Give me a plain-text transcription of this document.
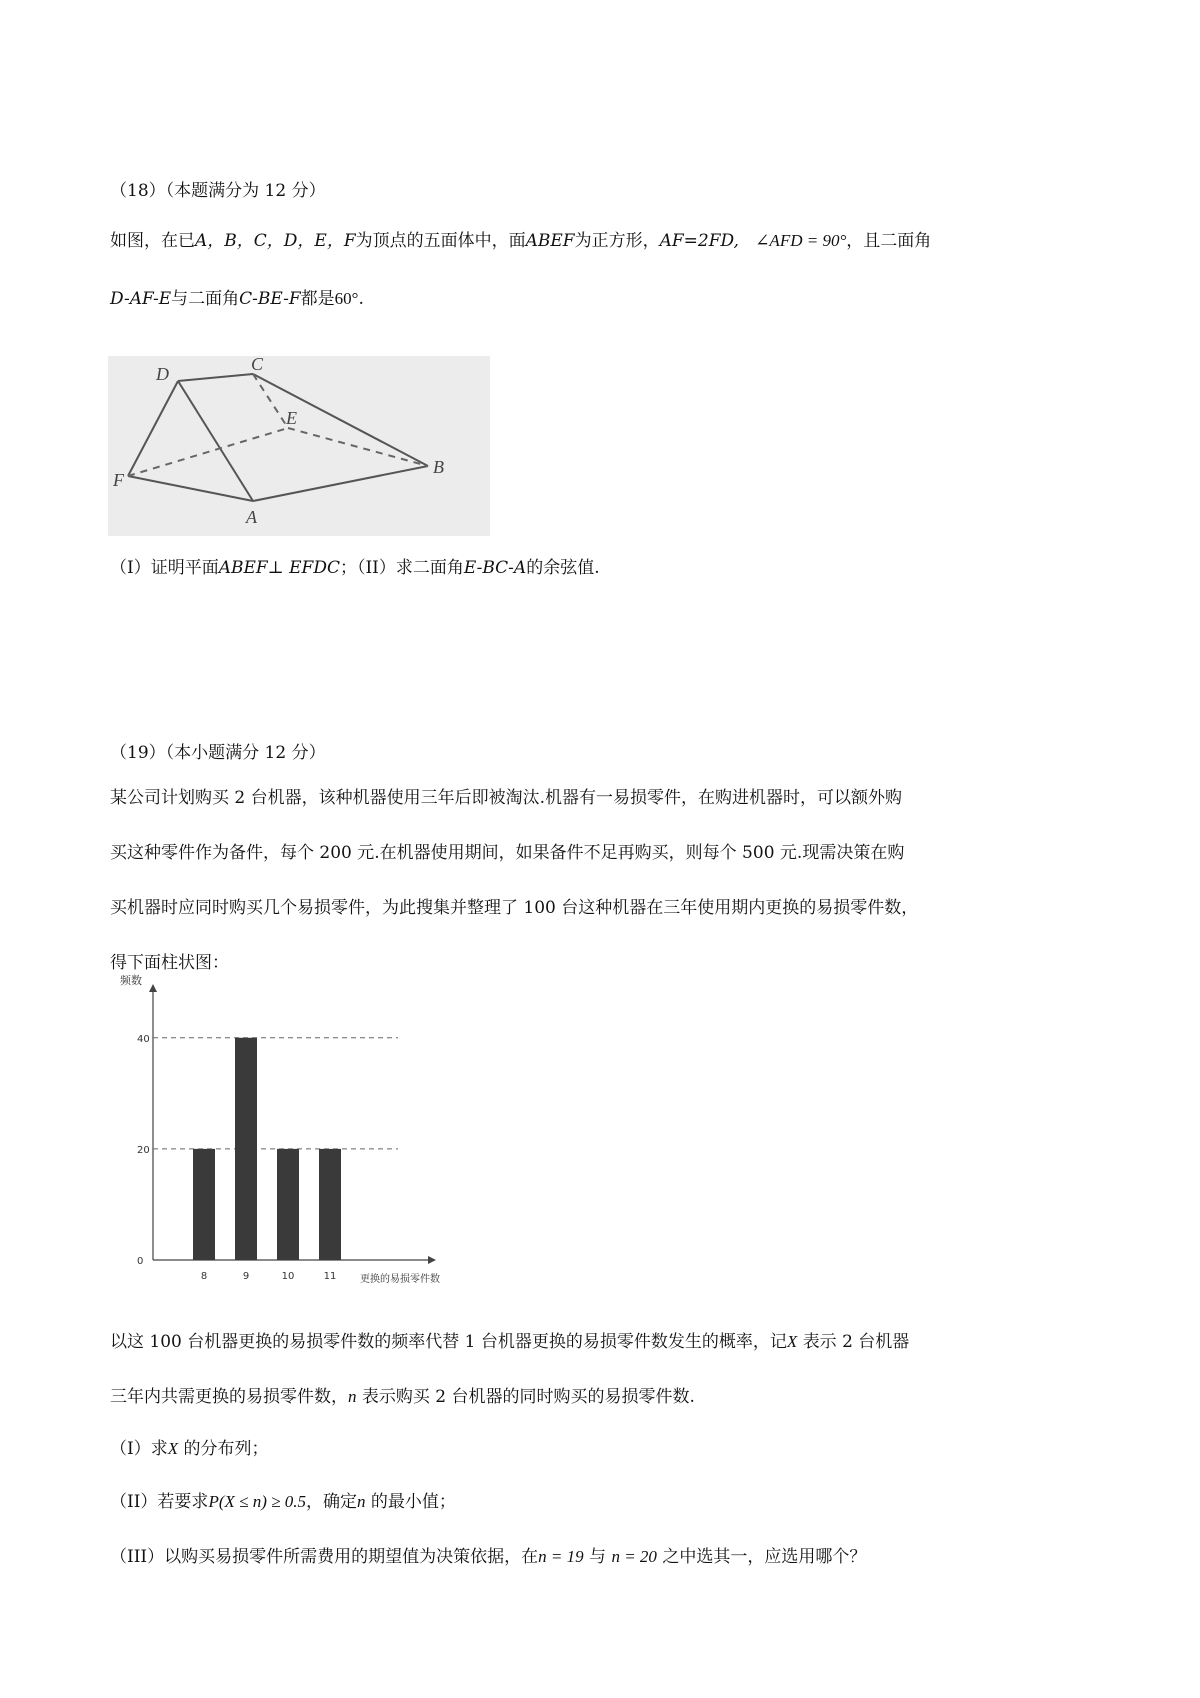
（18）（本题满分为 12 分）
如图，在已A，B，C，D，E，F为顶点的五面体中，面ABEF为正方形，AF=2FD, ∠AFD = 90°，且二面角
D-AF-E与二面角C-BE-F都是60°.
D	C
E
F
A
B
（I）证明平面ABEF⊥ EFDC；（II）求二面角E-BC-A的余弦值.
（19）（本小题满分 12 分）
某公司计划购买 2 台机器，该种机器使用三年后即被淘汰.机器有一易损零件，在购进机器时，可以额外购
买这种零件作为备件，每个 200 元.在机器使用期间，如果备件不足再购买，则每个 500 元.现需决策在购
买机器时应同时购买几个易损零件，为此搜集并整理了 100 台这种机器在三年使用期内更换的易损零件数，
得下面柱状图：
频数
更换的易损零件数
0
20
40
8	9	10	11
以这 100 台机器更换的易损零件数的频率代替 1 台机器更换的易损零件数发生的概率，记X 表示 2 台机器
三年内共需更换的易损零件数，n 表示购买 2 台机器的同时购买的易损零件数.
（I）求X 的分布列；
（II）若要求P(X ≤ n) ≥ 0.5，确定n 的最小值；
（III）以购买易损零件所需费用的期望值为决策依据，在n = 19 与 n = 20 之中选其一，应选用哪个？
